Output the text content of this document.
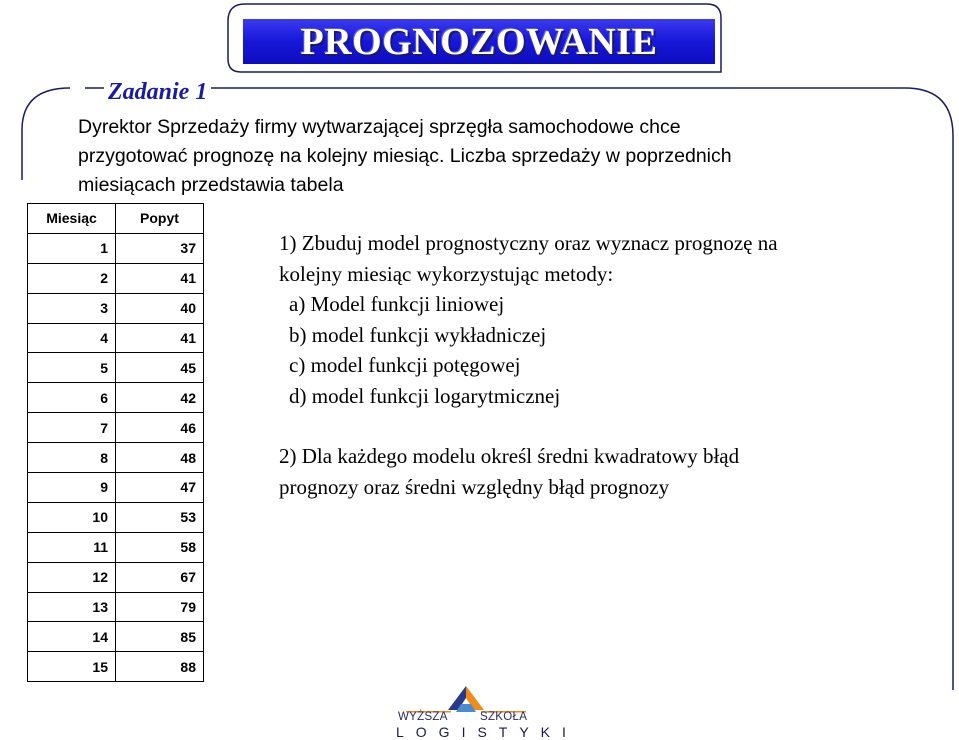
PROGNOZOWANIE
Zadanie 1
Dyrektor Sprzedaży firmy wytwarzającej sprzęgła samochodowe chce
przygotować prognozę na kolejny miesiąc. Liczba sprzedaży w poprzednich
miesiącach przedstawia tabela
Miesiąc	Popyt
1	37
2	41
3	40
4	41
5	45
6	42
7	46
8	48
9	47
10	53
11	58
12	67
13	79
14	85
15	88
1) Zbuduj model prognostyczny oraz wyznacz prognozę na
kolejny miesiąc wykorzystując metody:
a) Model funkcji liniowej
b) model funkcji wykładniczej
c) model funkcji potęgowej
d) model funkcji logarytmicznej
2) Dla każdego modelu określ średni kwadratowy błąd
prognozy oraz średni względny błąd prognozy
WYŻSZA	SZKOŁA
LOGISTYKI
